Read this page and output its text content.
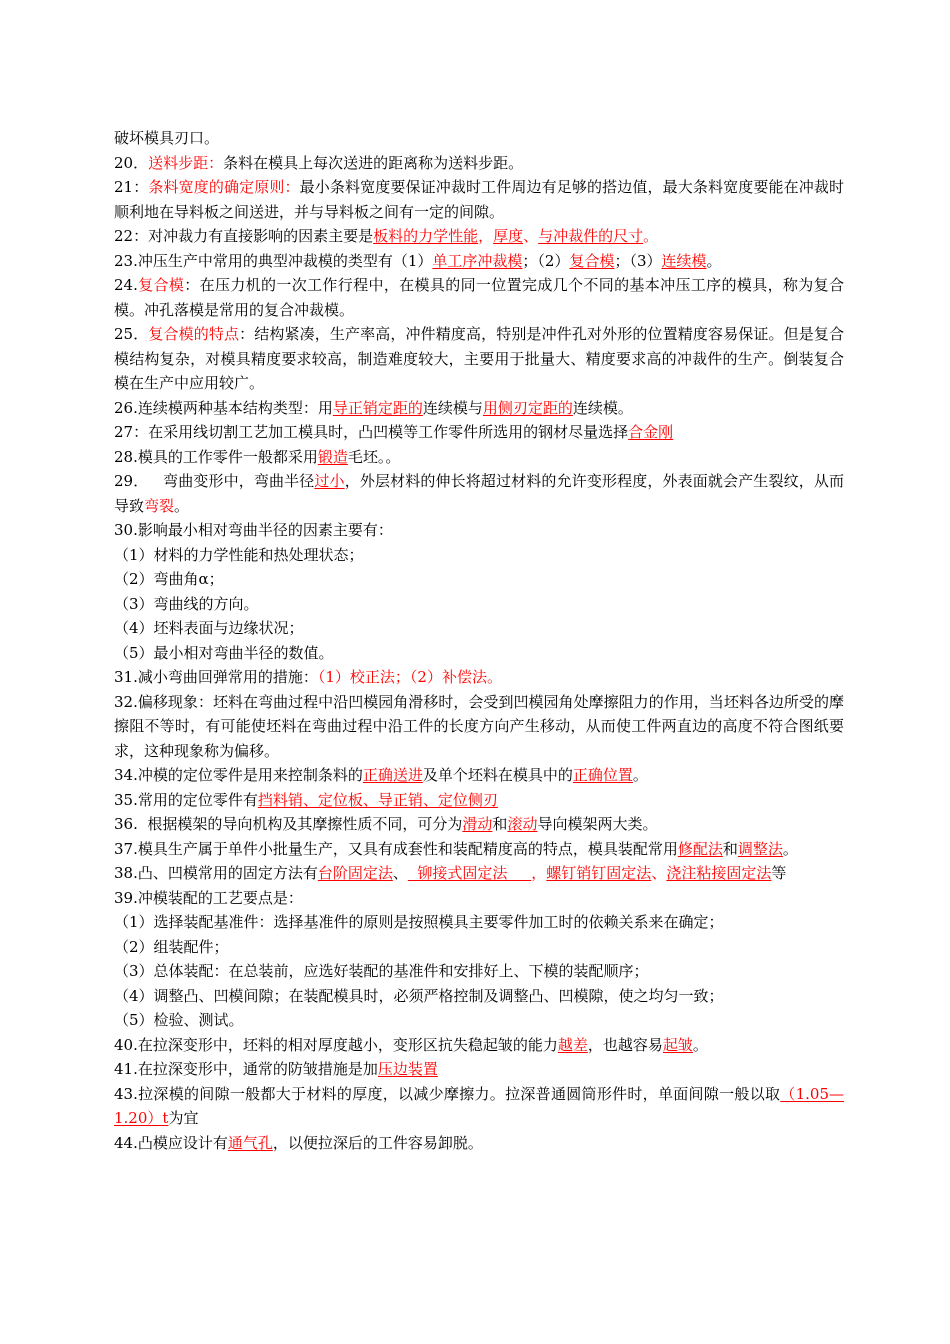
破坏模具刃口。
20．送料步距：条料在模具上每次送进的距离称为送料步距。
21：条料宽度的确定原则：最小条料宽度要保证冲裁时工件周边有足够的搭边值，最大条料宽度要能在冲裁时顺利地在导料板之间送进，并与导料板之间有一定的间隙。
22：对冲裁力有直接影响的因素主要是板料的力学性能，厚度、与冲裁件的尺寸。
23.冲压生产中常用的典型冲裁模的类型有（1）单工序冲裁模；（2）复合模；（3）连续模。
24.复合模：在压力机的一次工作行程中，在模具的同一位置完成几个不同的基本冲压工序的模具，称为复合模。冲孔落模是常用的复合冲裁模。
25．复合模的特点：结构紧凑，生产率高，冲件精度高，特别是冲件孔对外形的位置精度容易保证。但是复合模结构复杂，对模具精度要求较高，制造难度较大，主要用于批量大、精度要求高的冲裁件的生产。倒装复合模在生产中应用较广。
26.连续模两种基本结构类型：用导正销定距的连续模与用侧刃定距的连续模。
27：在采用线切割工艺加工模具时，凸凹模等工作零件所选用的钢材尽量选择合金刚
28.模具的工作零件一般都采用锻造毛坯。。
29．   弯曲变形中，弯曲半径过小，外层材料的伸长将超过材料的允许变形程度，外表面就会产生裂纹，从而导致弯裂。
30.影响最小相对弯曲半径的因素主要有：
（1）材料的力学性能和热处理状态；
（2）弯曲角α；
（3）弯曲线的方向。
（4）坯料表面与边缘状况；
（5）最小相对弯曲半径的数值。
31.减小弯曲回弹常用的措施：（1）校正法；（2）补偿法。
32.偏移现象：坯料在弯曲过程中沿凹模园角滑移时，会受到凹模园角处摩擦阻力的作用，当坯料各边所受的摩擦阻不等时，有可能使坯料在弯曲过程中沿工件的长度方向产生移动，从而使工件两直边的高度不符合图纸要求，这种现象称为偏移。
34.冲模的定位零件是用来控制条料的正确送进及单个坯料在模具中的正确位置。
35.常用的定位零件有挡料销、定位板、导正销、定位侧刃
36.  根据模架的导向机构及其摩擦性质不同，可分为滑动和滚动导向模架两大类。
37.模具生产属于单件小批量生产，又具有成套性和装配精度高的特点，模具装配常用修配法和调整法。
38.凸、凹模常用的固定方法有台阶固定法、  铆接式固定法     ，螺钉销钉固定法、浇注粘接固定法等
39.冲模装配的工艺要点是：
（1）选择装配基准件：选择基准件的原则是按照模具主要零件加工时的依赖关系来在确定；
（2）组装配件；
（3）总体装配：在总装前，应选好装配的基准件和安排好上、下模的装配顺序；
（4）调整凸、凹模间隙；在装配模具时，必须严格控制及调整凸、凹模隙，使之均匀一致；
（5）检验、测试。
40.在拉深变形中，坯料的相对厚度越小，变形区抗失稳起皱的能力越差，也越容易起皱。
41.在拉深变形中，通常的防皱措施是加压边装置
43.拉深模的间隙一般都大于材料的厚度，以减少摩擦力。拉深普通圆筒形件时，单面间隙一般以取（1.05—1.20）t为宜
44.凸模应设计有通气孔，以便拉深后的工件容易卸脱。
